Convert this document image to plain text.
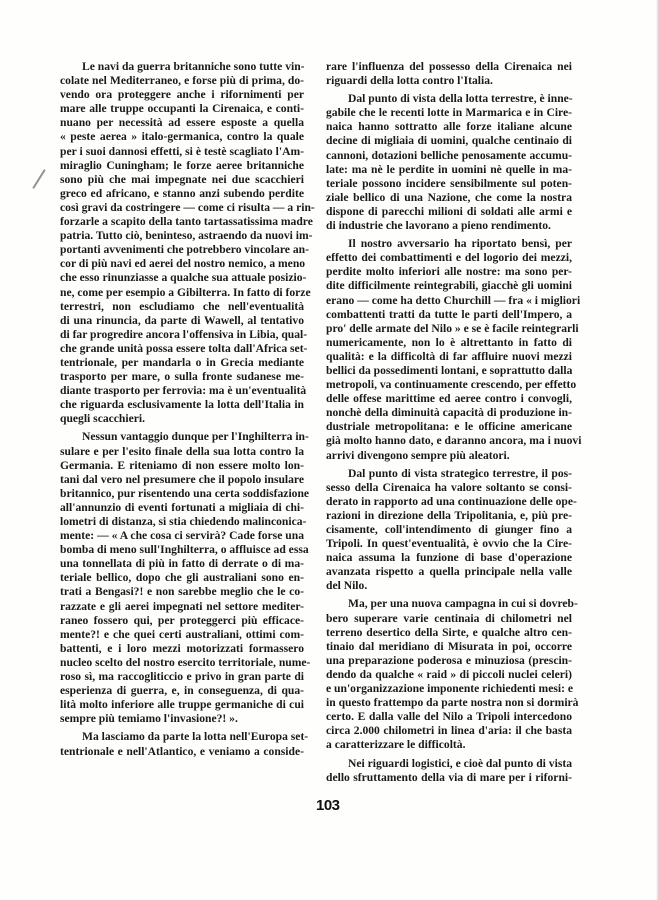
Le navi da guerra britanniche sono tutte vin-
colate nel Mediterraneo, e forse più di prima, do-
vendo ora proteggere anche i rifornimenti per
mare alle truppe occupanti la Cirenaica, e conti-
nuano per necessità ad essere esposte a quella
« peste aerea » italo-germanica, contro la quale
per i suoi dannosi effetti, si è testè scagliato l'Am-
miraglio Cuningham; le forze aeree britanniche
sono più che mai impegnate nei due scacchieri
greco ed africano, e stanno anzi subendo perdite
così gravi da costringere — come ci risulta — a rin-
forzarle a scapito della tanto tartassatissima madre
patria. Tutto ciò, beninteso, astraendo da nuovi im-
portanti avvenimenti che potrebbero vincolare an-
cor di più navi ed aerei del nostro nemico, a meno
che esso rinunziasse a qualche sua attuale posizio-
ne, come per esempio a Gibilterra. In fatto di forze
terrestri, non escludiamo che nell'eventualità
di una rinuncia, da parte di Wawell, al tentativo
di far progredire ancora l'offensiva in Libia, qual-
che grande unità possa essere tolta dall'Africa set-
tentrionale, per mandarla o in Grecia mediante
trasporto per mare, o sulla fronte sudanese me-
diante trasporto per ferrovia: ma è un'eventualità
che riguarda esclusivamente la lotta dell'Italia in
quegli scacchieri.
Nessun vantaggio dunque per l'Inghilterra in-
sulare e per l'esito finale della sua lotta contro la
Germania. E riteniamo di non essere molto lon-
tani dal vero nel presumere che il popolo insulare
britannico, pur risentendo una certa soddisfazione
all'annunzio di eventi fortunati a migliaia di chi-
lometri di distanza, si stia chiedendo malinconica-
mente: — « A che cosa ci servirà? Cade forse una
bomba di meno sull'Inghilterra, o affluisce ad essa
una tonnellata di più in fatto di derrate o di ma-
teriale bellico, dopo che gli australiani sono en-
trati a Bengasi?! e non sarebbe meglio che le co-
razzate e gli aerei impegnati nel settore mediter-
raneo fossero qui, per proteggerci più efficace-
mente?! e che quei certi australiani, ottimi com-
battenti, e i loro mezzi motorizzati formassero
nucleo scelto del nostro esercito territoriale, nume-
roso sì, ma raccogliticcio e privo in gran parte di
esperienza di guerra, e, in conseguenza, di qua-
lità molto inferiore alle truppe germaniche di cui
sempre più temiamo l'invasione?! ».
Ma lasciamo da parte la lotta nell'Europa set-
tentrionale e nell'Atlantico, e veniamo a conside-
rare l'influenza del possesso della Cirenaica nei
riguardi della lotta contro l'Italia.
Dal punto di vista della lotta terrestre, è inne-
gabile che le recenti lotte in Marmarica e in Cire-
naica hanno sottratto alle forze italiane alcune
decine di migliaia di uomini, qualche centinaio di
cannoni, dotazioni belliche penosamente accumu-
late: ma nè le perdite in uomini nè quelle in ma-
teriale possono incidere sensibilmente sul poten-
ziale bellico di una Nazione, che come la nostra
dispone di parecchi milioni di soldati alle armi e
di industrie che lavorano a pieno rendimento.
Il nostro avversario ha riportato bensì, per
effetto dei combattimenti e del logorio dei mezzi,
perdite molto inferiori alle nostre: ma sono per-
dite difficilmente reintegrabili, giacchè gli uomini
erano — come ha detto Churchill — fra « i migliori
combattenti tratti da tutte le parti dell'Impero, a
pro' delle armate del Nilo » e se è facile reintegrarli
numericamente, non lo è altrettanto in fatto di
qualità: e la difficoltà di far affluire nuovi mezzi
bellici da possedimenti lontani, e soprattutto dalla
metropoli, va continuamente crescendo, per effetto
delle offese marittime ed aeree contro i convogli,
nonchè della diminuità capacità di produzione in-
dustriale metropolitana: e le officine americane
già molto hanno dato, e daranno ancora, ma i nuovi
arrivi divengono sempre più aleatori.
Dal punto di vista strategico terrestre, il pos-
sesso della Cirenaica ha valore soltanto se consi-
derato in rapporto ad una continuazione delle ope-
razioni in direzione della Tripolitania, e, più pre-
cisamente, coll'intendimento di giunger fino a
Tripoli. In quest'eventualità, è ovvio che la Cire-
naica assuma la funzione di base d'operazione
avanzata rispetto a quella principale nella valle
del Nilo.
Ma, per una nuova campagna in cui si dovreb-
bero superare varie centinaia di chilometri nel
terreno desertico della Sirte, e qualche altro cen-
tinaio dal meridiano di Misurata in poi, occorre
una preparazione poderosa e minuziosa (prescin-
dendo da qualche « raid » di piccoli nuclei celeri)
e un'organizzazione imponente richiedenti mesi: e
in questo frattempo da parte nostra non si dormirà
certo. E dalla valle del Nilo a Tripoli intercedono
circa 2.000 chilometri in linea d'aria: il che basta
a caratterizzare le difficoltà.
Nei riguardi logistici, e cioè dal punto di vista
dello sfruttamento della via di mare per i riforni-
103
